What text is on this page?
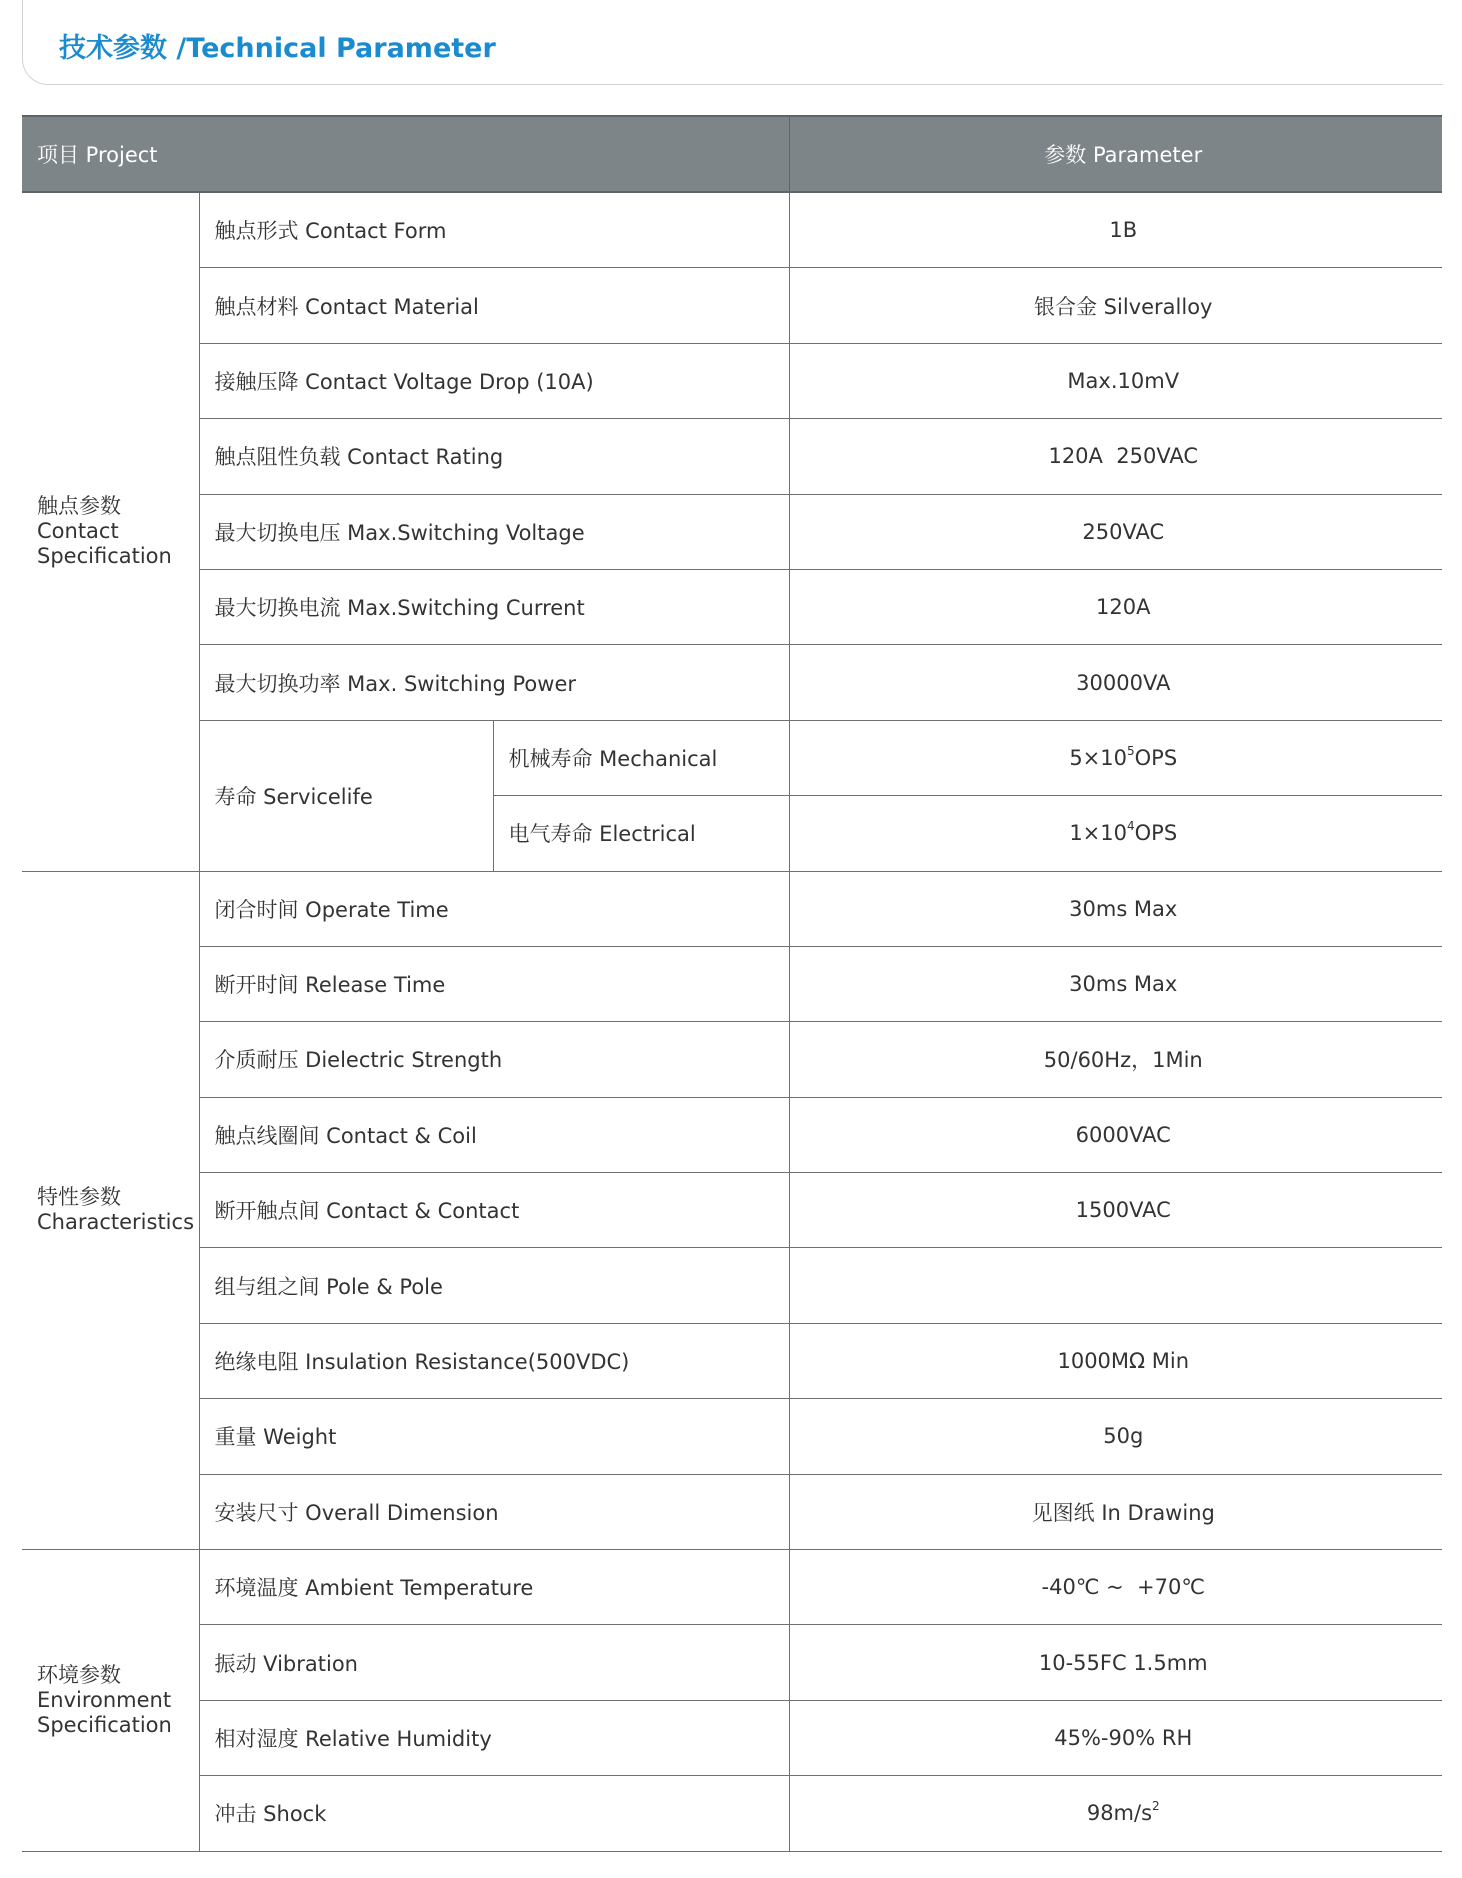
技术参数 /Technical Parameter
项目 Project			参数 Parameter

触点参数
Contact
Specification	触点形式 Contact Form		1B
	触点材料 Contact Material		银合金 Silveralloy
	接触压降 Contact Voltage Drop (10A)		Max.10mV
	触点阻性负载 Contact Rating		120A  250VAC
	最大切换电压 Max.Switching Voltage		250VAC
	最大切换电流 Max.Switching Current		120A
	最大切换功率 Max. Switching Power		30000VA
	寿命 Servicelife	机械寿命 Mechanical	$5\times 10^5OPS$
		电气寿命 Electrical	$1\times 10^4OPS$

特性参数
Characteristics	闭合时间 Operate Time		30ms Max
	断开时间 Release Time		30ms Max
	介质耐压 Dielectric Strength		50/60Hz，1Min
	触点线圈间 Contact & Coil		6000VAC
	断开触点间 Contact & Contact		1500VAC
	组与组之间 Pole & Pole		
	绝缘电阻 Insulation Resistance(500VDC)		1000MΩ Min
	重量 Weight		50g
	安装尺寸 Overall Dimension		见图纸 In Drawing

环境参数
Environment
Specification	环境温度 Ambient Temperature		-40℃ ~  +70℃
	振动 Vibration		10-55FC 1.5mm
	相对湿度 Relative Humidity		45%-90% RH
	冲击 Shock		$98m/s^2$
